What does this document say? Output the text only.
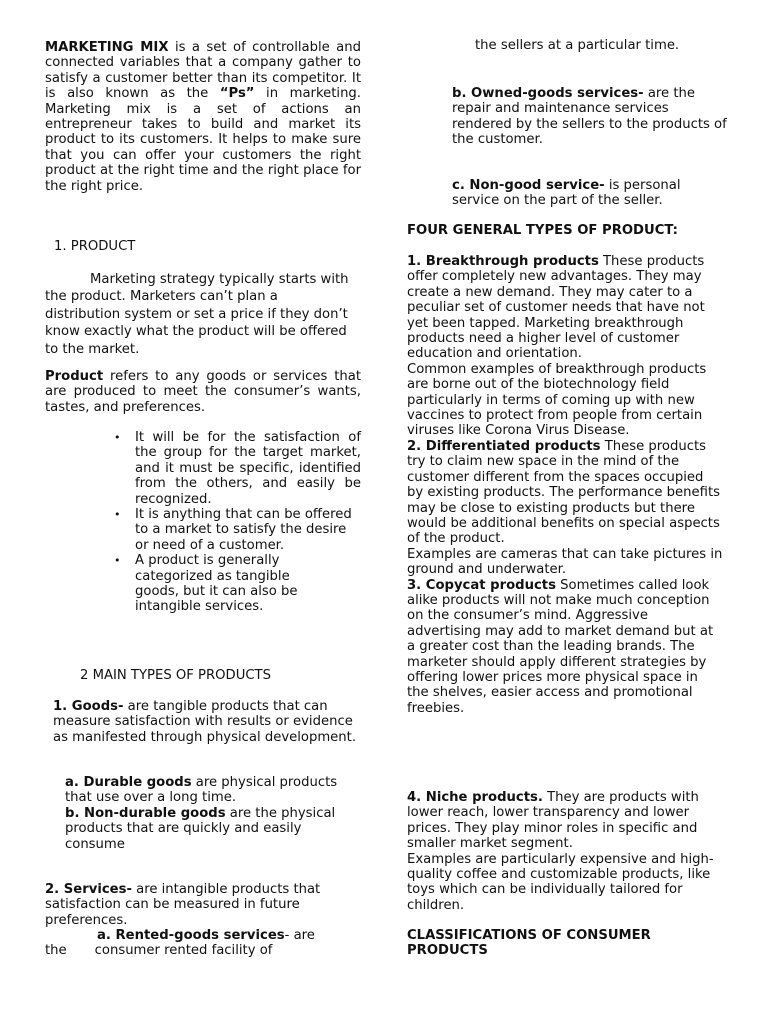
MARKETING MIX is a set of controllable and connected variables that a company gather to satisfy a customer better than its competitor. It is also known as the “Ps” in marketing. Marketing mix is a set of actions an entrepreneur takes to build and market its product to its customers. It helps to make sure that you can offer your customers the right product at the right time and the right place for the right price.

1. PRODUCT

Marketing strategy typically starts with the product. Marketers can’t plan a distribution system or set a price if they don’t know exactly what the product will be offered to the market.

Product refers to any goods or services that are produced to meet the consumer’s wants, tastes, and preferences.

• It will be for the satisfaction of the group for the target market, and it must be specific, identified from the others, and easily be recognized.
• It is anything that can be offered to a market to satisfy the desire or need of a customer.
• A product is generally categorized as tangible goods, but it can also be intangible services.
2 MAIN TYPES OF PRODUCTS

1. Goods- are tangible products that can measure satisfaction with results or evidence as manifested through physical development.

a. Durable goods are physical products that use over a long time.

b. Non-durable goods are the physical products that are quickly and easily consume

2. Services- are intangible products that satisfaction can be measured in future preferences.

a. Rented-goods services- are
the consumer rented facility of
the sellers at a particular time.

b. Owned-goods services- are the repair and maintenance services rendered by the sellers to the products of the customer.

c. Non-good service- is personal service on the part of the seller.

FOUR GENERAL TYPES OF PRODUCT:

1. Breakthrough products These products offer completely new advantages. They may create a new demand. They may cater to a peculiar set of customer needs that have not yet been tapped. Marketing breakthrough products need a higher level of customer education and orientation.

Common examples of breakthrough products are borne out of the biotechnology field particularly in terms of coming up with new vaccines to protect from people from certain viruses like Corona Virus Disease.

2. Differentiated products These products try to claim new space in the mind of the customer different from the spaces occupied by existing products. The performance benefits may be close to existing products but there would be additional benefits on special aspects of the product.

Examples are cameras that can take pictures in ground and underwater.

3. Copycat products Sometimes called look alike products will not make much conception on the consumer’s mind. Aggressive advertising may add to market demand but at a greater cost than the leading brands. The marketer should apply different strategies by offering lower prices more physical space in the shelves, easier access and promotional freebies.

4. Niche products. They are products with lower reach, lower transparency and lower prices. They play minor roles in specific and smaller market segment.

Examples are particularly expensive and high-quality coffee and customizable products, like toys which can be individually tailored for children.

CLASSIFICATIONS OF CONSUMER PRODUCTS
